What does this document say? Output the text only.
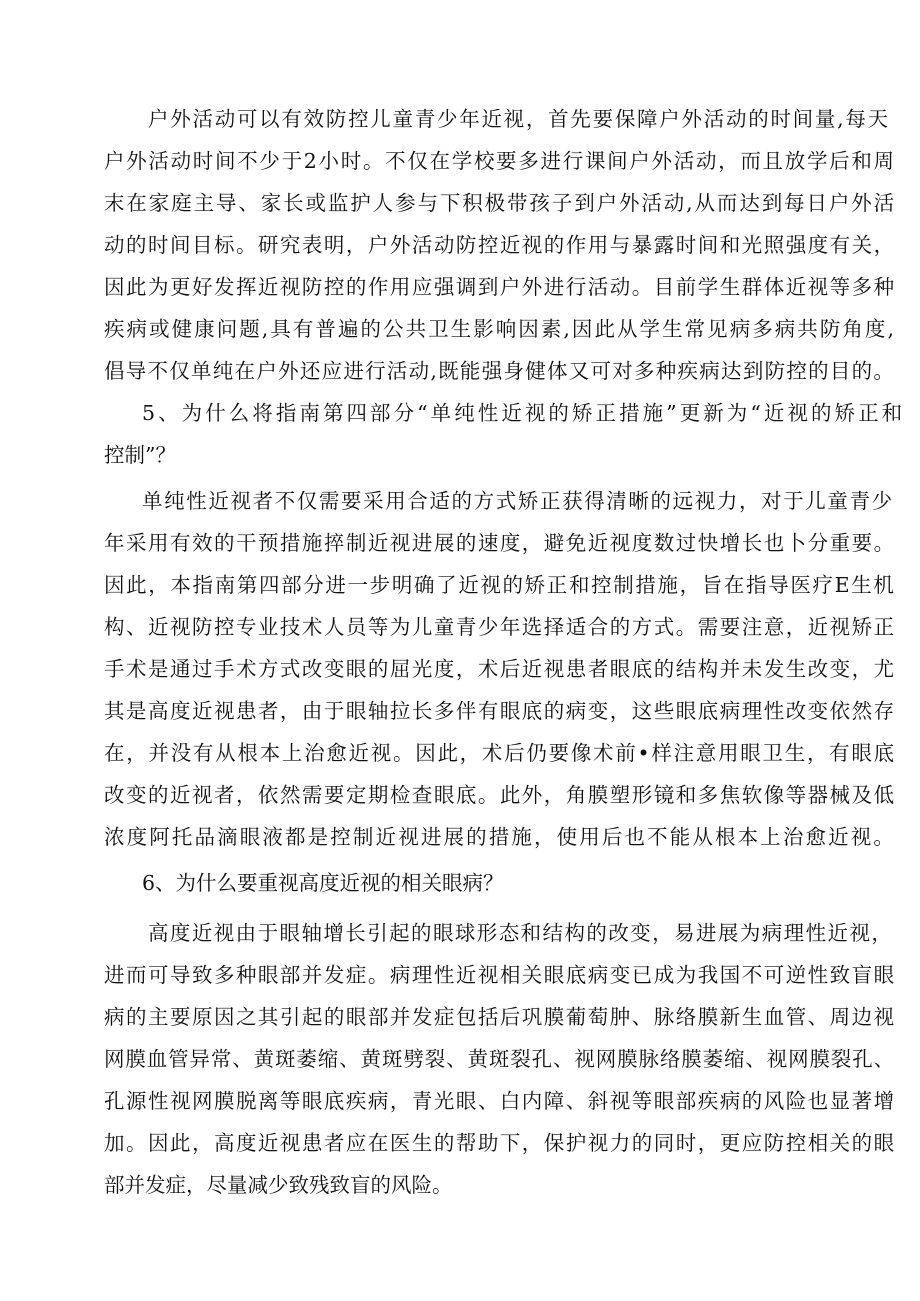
户外活动可以有效防控儿童青少年近视，首先要保障户外活动的时间量,每天
户外活动时间不少于2小时。不仅在学校要多进行课间户外活动，而且放学后和周
末在家庭主导、家长或监护人参与下积极带孩子到户外活动,从而达到每日户外活
动的时间目标。研究表明，户外活动防控近视的作用与暴露时间和光照强度有关，
因此为更好发挥近视防控的作用应强调到户外进行活动。目前学生群体近视等多种
疾病或健康问题,具有普遍的公共卫生影响因素,因此从学生常见病多病共防角度,
倡导不仅单纯在户外还应进行活动,既能强身健体又可对多种疾病达到防控的目的。
5、为什么将指南第四部分“单纯性近视的矫正措施”更新为“近视的矫正和
控制”？
单纯性近视者不仅需要采用合适的方式矫正获得清晰的远视力，对于儿童青少
年采用有效的干预措施捽制近视进展的速度，避免近视度数过快增长也卜分重要。
因此，本指南第四部分进一步明确了近视的矫正和控制措施，旨在指导医疗E生机
构、近视防控专业技术人员等为儿童青少年选择适合的方式。需要注意，近视矫正
手术是通过手术方式改变眼的屈光度，术后近视患者眼底的结构并未发生改变，尤
其是高度近视患者，由于眼轴拉长多伴有眼底的病变，这些眼底病理性改变依然存
在，并没有从根本上治愈近视。因此，术后仍要像术前•样注意用眼卫生，有眼底
改变的近视者，依然需要定期检查眼底。此外，角膜塑形镜和多焦软像等器械及低
浓度阿托品滴眼液都是控制近视进展的措施，使用后也不能从根本上治愈近视。
6、为什么要重视高度近视的相关眼病？
高度近视由于眼轴增长引起的眼球形态和结构的改变，易进展为病理性近视，
进而可导致多种眼部并发症。病理性近视相关眼底病变已成为我国不可逆性致盲眼
病的主要原因之其引起的眼部并发症包括后巩膜葡萄肿、脉络膜新生血管、周边视
网膜血管异常、黄斑萎缩、黄斑劈裂、黄斑裂孔、视网膜脉络膜萎缩、视网膜裂孔、
孔源性视网膜脱离等眼底疾病，青光眼、白内障、斜视等眼部疾病的风险也显著增
加。因此，高度近视患者应在医生的帮助下，保护视力的同时，更应防控相关的眼
部并发症，尽量减少致残致盲的风险。
